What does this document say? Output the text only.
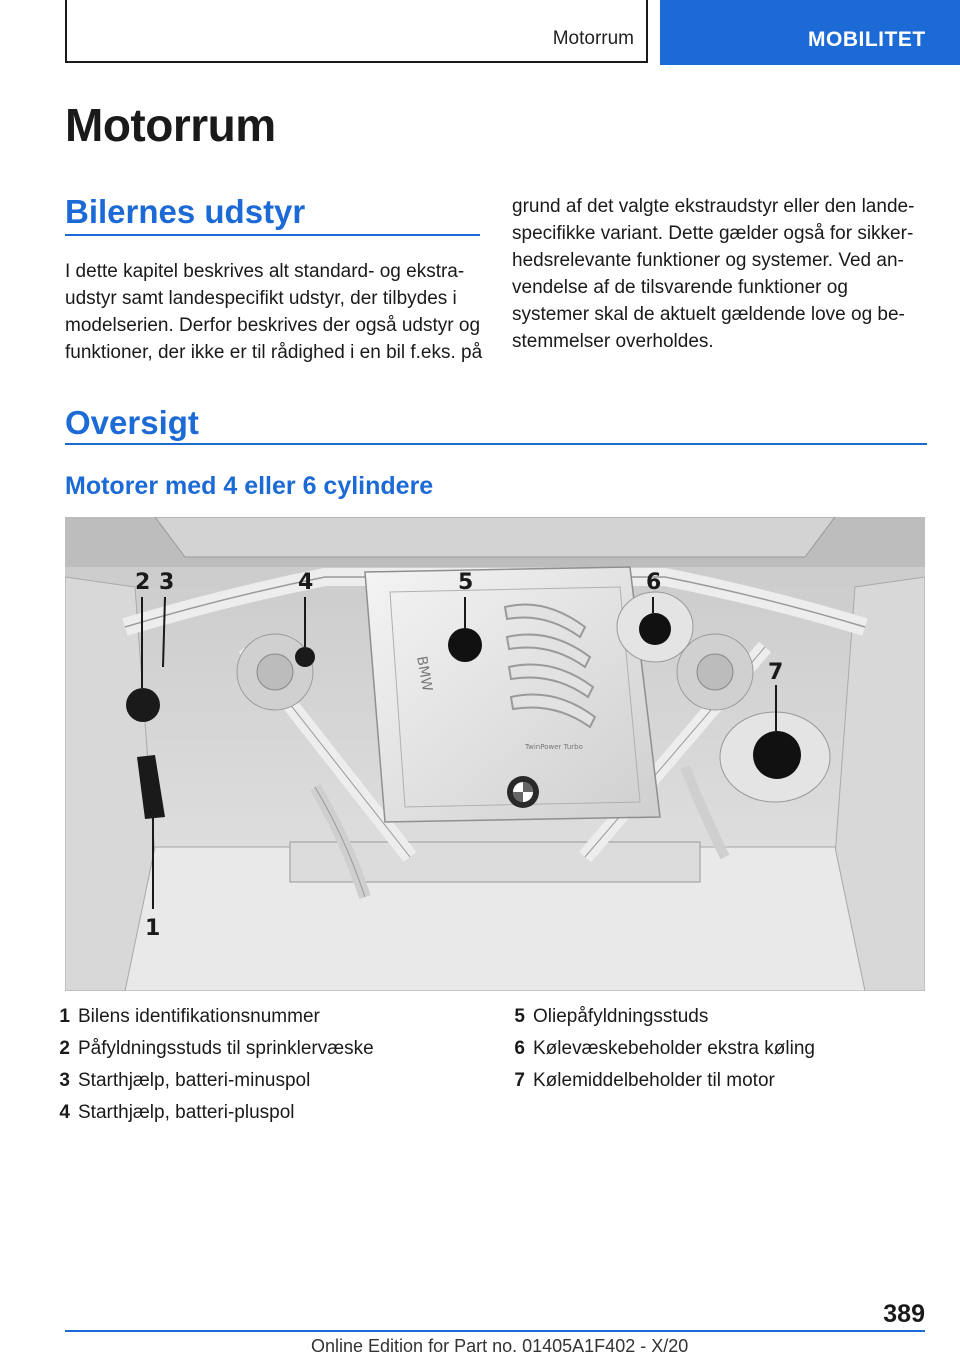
Motorrum	MOBILITET
Motorrum
Bilernes udstyr
I dette kapitel beskrives alt standard- og ekstra-
udstyr samt landespecifikt udstyr, der tilbydes i
modelserien. Derfor beskrives der også udstyr og
funktioner, der ikke er til rådighed i en bil f.eks. på
grund af det valgte ekstraudstyr eller den lande-
specifikke variant. Dette gælder også for sikker-
hedsrelevante funktioner og systemer. Ved an-
vendelse af de tilsvarende funktioner og
systemer skal de aktuelt gældende love og be-
stemmelser overholdes.
Oversigt
Motorer med 4 eller 6 cylindere
BMW
TwinPower Turbo
2 3	4	5	6
7
1
1 Bilens identifikationsnummer
2 Påfyldningsstuds til sprinklervæske
3 Starthjælp, batteri-minuspol
4 Starthjælp, batteri-pluspol
5 Oliepåfyldningsstuds
6 Kølevæskebeholder ekstra køling
7 Kølemiddelbeholder til motor
389
Online Edition for Part no. 01405A1F402 - X/20
